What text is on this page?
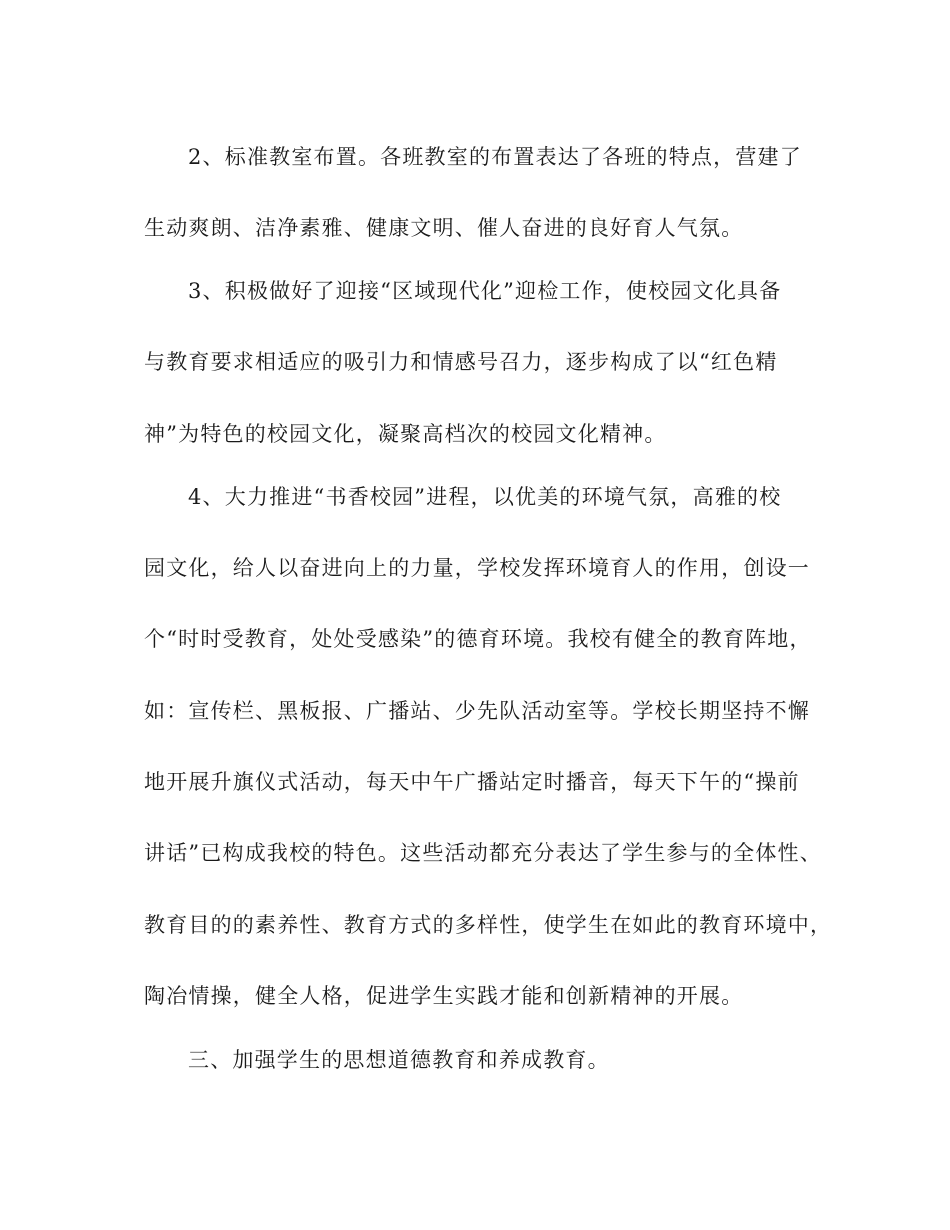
2、标准教室布置。各班教室的布置表达了各班的特点，营建了
生动爽朗、洁净素雅、健康文明、催人奋进的良好育人气氛。
3、积极做好了迎接“区域现代化”迎检工作，使校园文化具备
与教育要求相适应的吸引力和情感号召力，逐步构成了以“红色精
神”为特色的校园文化，凝聚高档次的校园文化精神。
4、大力推进“书香校园”进程，以优美的环境气氛，高雅的校
园文化，给人以奋进向上的力量，学校发挥环境育人的作用，创设一
个“时时受教育，处处受感染”的德育环境。我校有健全的教育阵地，
如：宣传栏、黑板报、广播站、少先队活动室等。学校长期坚持不懈
地开展升旗仪式活动，每天中午广播站定时播音，每天下午的“操前
讲话”已构成我校的特色。这些活动都充分表达了学生参与的全体性、
教育目的的素养性、教育方式的多样性，使学生在如此的教育环境中，
陶冶情操，健全人格，促进学生实践才能和创新精神的开展。
三、加强学生的思想道德教育和养成教育。
